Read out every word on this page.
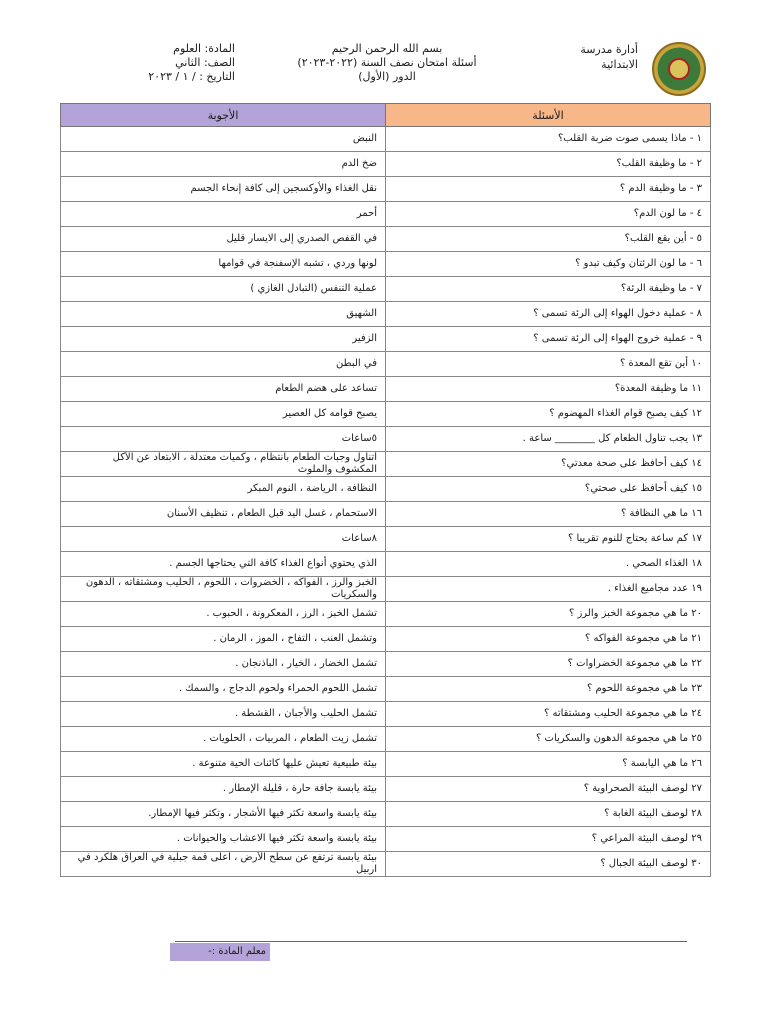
أدارة مدرسة
الابتدائية
بسم الله الرحمن الرحيم
أسئلة امتحان نصف السنة (٢٠٢٢-٢٠٢٣)
الدور (الأول)
المادة: العلوم
الصف: الثاني
التاريخ : / ١ / ٢٠٢٣
الأسئلة	الأجوبة
١ - ماذا يسمى صوت ضربة القلب؟	النبض
٢ - ما وظيفة القلب؟	ضخ الدم
٣ - ما وظيفة الدم ؟	نقل الغذاء والأوكسجين إلى كافة إنحاء الجسم
٤ - ما لون الدم؟	أحمر
٥ - أين يقع القلب؟	في القفص الصدري إلى الايسار قليل
٦ - ما لون الرئتان وكيف تبدو ؟	لونها وردي ، تشبه الإسفنجة في قوامها
٧ - ما وظيفة الرئة؟	عملية التنفس (التبادل الغازي )
٨ - عملية دخول الهواء إلى الرئة تسمى ؟	الشهيق
٩ - عملية خروج الهواء إلى الرئة تسمى ؟	الزفير
١٠ أين تقع المعدة ؟	في البطن
١١ ما وظيفة المعدة؟	تساعد على هضم الطعام
١٢ كيف يصبح قوام الغذاء المهضوم ؟	يصبح قوامه كل العصير
١٣ يجب تناول الطعام كل ________ ساعة .	٥ساعات
١٤ كيف أحافظ على صحة معدتي؟	أتناول وجبات الطعام بانتظام ، وكميات معتدلة ، الابتعاد عن الأكل المكشوف والملوث
١٥ كيف أحافظ على صحتي؟	النظافة ، الرياضة ، النوم المبكر
١٦ ما هي النظافة ؟	الاستحمام ، غسل اليد قبل الطعام ، تنظيف الأسنان
١٧ كم ساعة يحتاج للنوم تقريبا ؟	٨ساعات
١٨ الغذاء الصحي .	الذي يحتوي أنواع الغذاء كافة التي يحتاجها الجسم .
١٩ عدد مجاميع الغذاء .	الخبز والرز ، الفواكه ، الخضروات ، اللحوم ، الحليب ومشتقاته ، الدهون والسكريات
٢٠ ما هي مجموعة الخبز والرز ؟	تشمل الخبز ، الرز ، المعكرونة ، الحبوب .
٢١ ما هي مجموعة الفواكه ؟	وتشمل العنب ، التفاح ، الموز ، الرمان .
٢٢ ما هي مجموعة الخضراوات ؟	تشمل الخضار ، الخيار ، الباذنجان .
٢٣ ما هي مجموعة اللحوم ؟	تشمل اللحوم الحمراء ولحوم الدجاج ، والسمك .
٢٤ ما هي مجموعة الحليب ومشتقاته ؟	تشمل الحليب والأجبان ، القشطة .
٢٥ ما هي مجموعة الدهون والسكريات ؟	تشمل زيت الطعام ، المربيات ، الحلويات .
٢٦ ما هي اليابسة ؟	بيئة طبيعية تعيش عليها كائنات الحية متنوعة .
٢٧ لوصف البيئة الصحراوية ؟	بيئة يابسة جافة حارة ، قليلة الإمطار .
٢٨ لوصف البيئة الغابة ؟	بيئة يابسة واسعة تكثر فيها الأشجار ، وتكثر فيها الإمطار.
٢٩ لوصف البيئة المراعي ؟	بيئة يابسة واسعة تكثر فيها الاعشاب والحيوانات .
٣٠ لوصف البيئة الجبال ؟	بيئة يابسة ترتفع عن سطح الأرض ، أعلى قمة جبلية في العراق هلكرد في اربيل
معلم المادة :-
